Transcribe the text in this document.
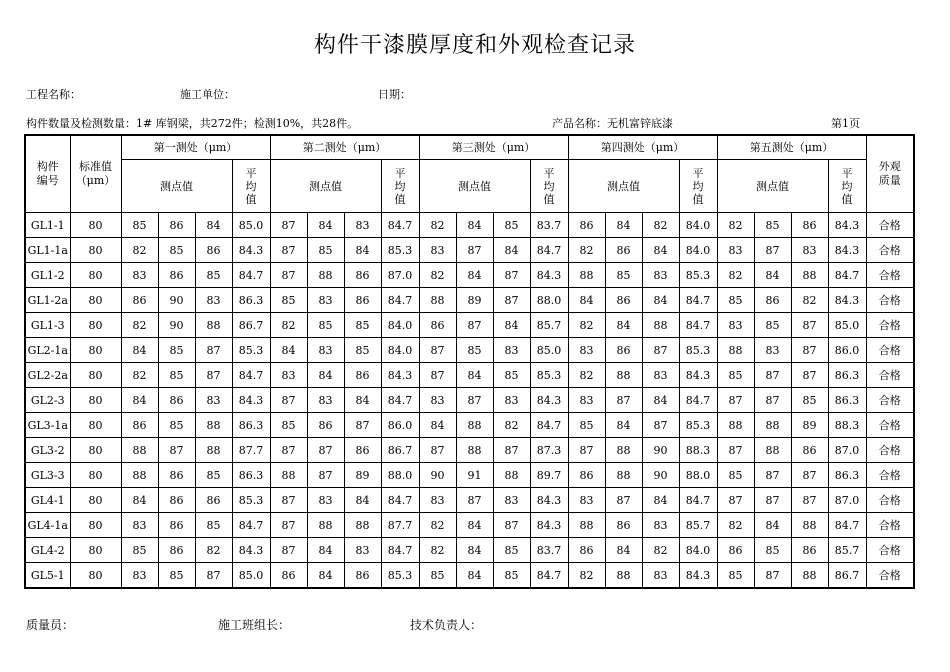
构件干漆膜厚度和外观检查记录
工程名称：	施工单位：	日期：
构件数量及检测数量：1# 库钢梁，共272件；检测10%，共28件。	产品名称：无机富锌底漆	第1页
构件编号	标准值（μm）	第一测处（μm）				第二测处（μm）				第三测处（μm）				第四测处（μm）				第五测处（μm）				外观质量

		测点值			平均值	测点值			平均值	测点值			平均值	测点值			平均值	测点值			平均值	

GL1-1	80	85	86	84	85.0	87	84	83	84.7	82	84	85	83.7	86	84	82	84.0	82	85	86	84.3	合格
GL1-1a	80	82	85	86	84.3	87	85	84	85.3	83	87	84	84.7	82	86	84	84.0	83	87	83	84.3	合格
GL1-2	80	83	86	85	84.7	87	88	86	87.0	82	84	87	84.3	88	85	83	85.3	82	84	88	84.7	合格
GL1-2a	80	86	90	83	86.3	85	83	86	84.7	88	89	87	88.0	84	86	84	84.7	85	86	82	84.3	合格
GL1-3	80	82	90	88	86.7	82	85	85	84.0	86	87	84	85.7	82	84	88	84.7	83	85	87	85.0	合格
GL2-1a	80	84	85	87	85.3	84	83	85	84.0	87	85	83	85.0	83	86	87	85.3	88	83	87	86.0	合格
GL2-2a	80	82	85	87	84.7	83	84	86	84.3	87	84	85	85.3	82	88	83	84.3	85	87	87	86.3	合格
GL2-3	80	84	86	83	84.3	87	83	84	84.7	83	87	83	84.3	83	87	84	84.7	87	87	85	86.3	合格
GL3-1a	80	86	85	88	86.3	85	86	87	86.0	84	88	82	84.7	85	84	87	85.3	88	88	89	88.3	合格
GL3-2	80	88	87	88	87.7	87	87	86	86.7	87	88	87	87.3	87	88	90	88.3	87	88	86	87.0	合格
GL3-3	80	88	86	85	86.3	88	87	89	88.0	90	91	88	89.7	86	88	90	88.0	85	87	87	86.3	合格
GL4-1	80	84	86	86	85.3	87	83	84	84.7	83	87	83	84.3	83	87	84	84.7	87	87	87	87.0	合格
GL4-1a	80	83	86	85	84.7	87	88	88	87.7	82	84	87	84.3	88	86	83	85.7	82	84	88	84.7	合格
GL4-2	80	85	86	82	84.3	87	84	83	84.7	82	84	85	83.7	86	84	82	84.0	86	85	86	85.7	合格
GL5-1	80	83	85	87	85.0	86	84	86	85.3	85	84	85	84.7	82	88	83	84.3	85	87	88	86.7	合格
质量员：	施工班组长：	技术负责人：
